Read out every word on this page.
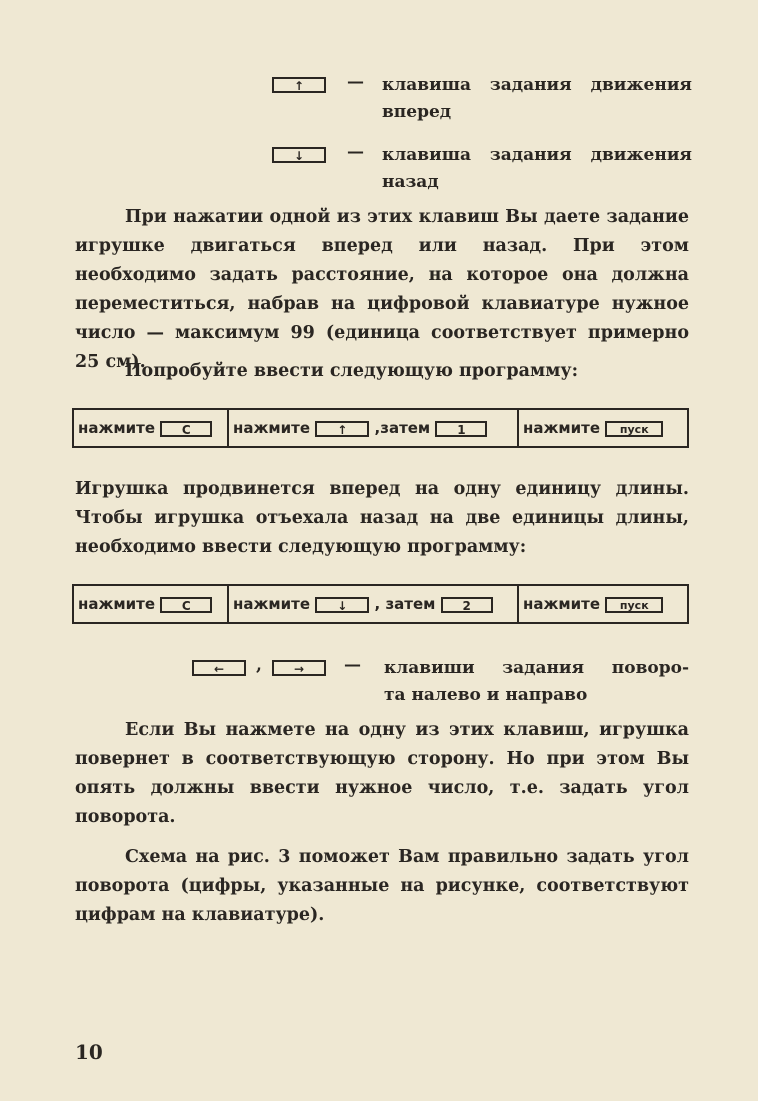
↑	— клавиша задания движения
вперед
↓	— клавиша задания движения
назад

При нажатии одной из этих клавиш Вы даете задание игрушке двигаться вперед или назад. При этом необходимо задать расстояние, на которое она должна переместиться, набрав на цифровой клавиатуре нужное число — максимум 99 (единица соответствует примерно 25 см).

Попробуйте ввести следующую программу:

нажмите C	нажмите ↑ ,затем 1	нажмите пуск

Игрушка продвинется вперед на одну единицу длины. Чтобы игрушка отъехала назад на две единицы длины, необходимо ввести следующую программу:

нажмите C	нажмите ↓ , затем 2	нажмите пуск
←	,	→	— клавиши задания поворо-
та налево и направо

Если Вы нажмете на одну из этих клавиш, игрушка повернет в соответствующую сторону. Но при этом Вы опять должны ввести нужное число, т.е. задать угол поворота.

Схема на рис. 3 поможет Вам правильно задать угол поворота (цифры, указанные на рисунке, соответствуют цифрам на клавиатуре).

10
